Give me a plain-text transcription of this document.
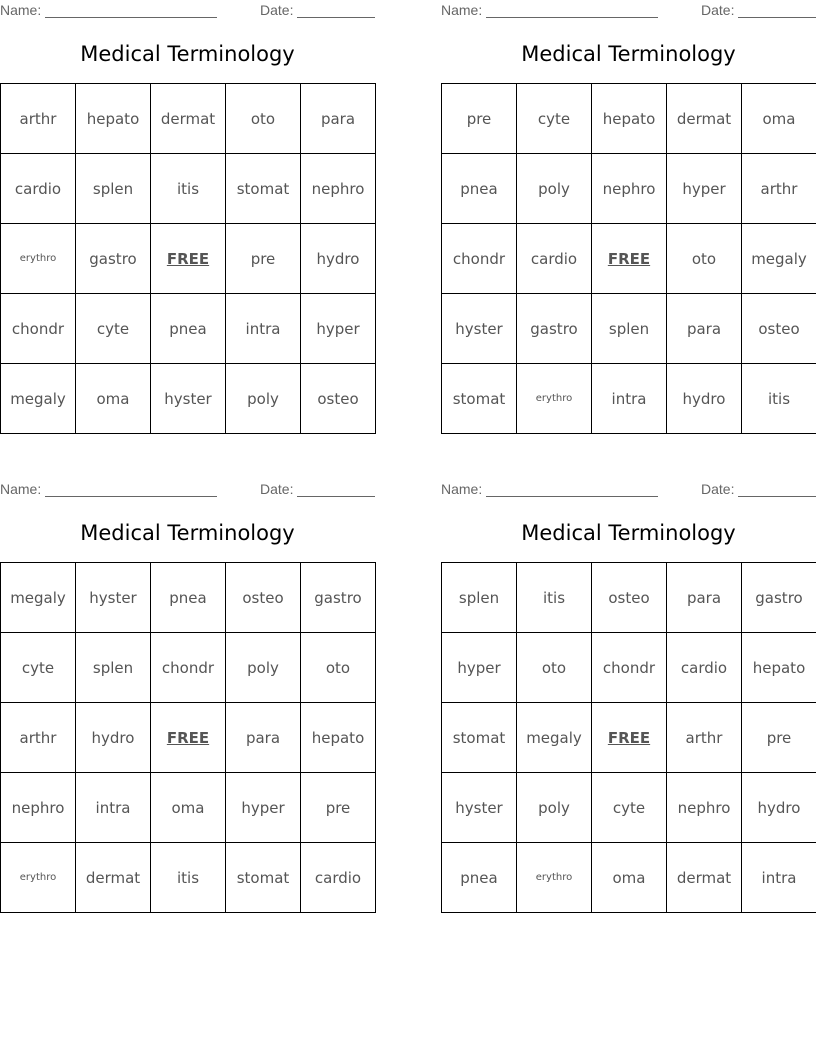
Name:	Date:
Medical Terminology
arthr	hepato	dermat	oto	para
cardio	splen	itis	stomat	nephro
erythro	gastro	FREE	pre	hydro
chondr	cyte	pnea	intra	hyper
megaly	oma	hyster	poly	osteo
Name:	Date:
Medical Terminology
pre	cyte	hepato	dermat	oma
pnea	poly	nephro	hyper	arthr
chondr	cardio	FREE	oto	megaly
hyster	gastro	splen	para	osteo
stomat	erythro	intra	hydro	itis
Name:	Date:
Medical Terminology
megaly	hyster	pnea	osteo	gastro
cyte	splen	chondr	poly	oto
arthr	hydro	FREE	para	hepato
nephro	intra	oma	hyper	pre
erythro	dermat	itis	stomat	cardio
Name:	Date:
Medical Terminology
splen	itis	osteo	para	gastro
hyper	oto	chondr	cardio	hepato
stomat	megaly	FREE	arthr	pre
hyster	poly	cyte	nephro	hydro
pnea	erythro	oma	dermat	intra
